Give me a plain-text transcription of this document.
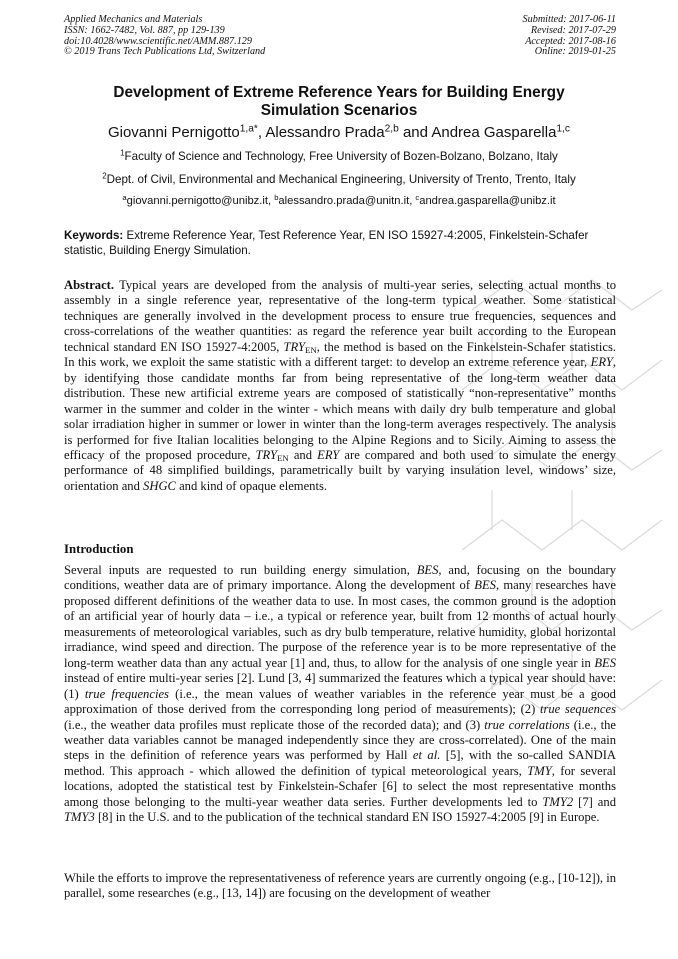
Applied Mechanics and Materials
ISSN: 1662-7482, Vol. 887, pp 129-139
doi:10.4028/www.scientific.net/AMM.887.129
© 2019 Trans Tech Publications Ltd, Switzerland
Submitted: 2017-06-11
Revised: 2017-07-29
Accepted: 2017-08-16
Online: 2019-01-25
Development of Extreme Reference Years for Building Energy
Simulation Scenarios
Giovanni Pernigotto$^{1,a*}$, Alessandro Prada$^{2,b}$ and Andrea Gasparella$^{1,c}$
$^1$Faculty of Science and Technology, Free University of Bozen-Bolzano, Bolzano, Italy
$^2$Dept. of Civil, Environmental and Mechanical Engineering, University of Trento, Trento, Italy
$^a$giovanni.pernigotto@unibz.it, $^b$alessandro.prada@unitn.it, $^c$andrea.gasparella@unibz.it
Keywords: Extreme Reference Year, Test Reference Year, EN ISO 15927-4:2005, Finkelstein-Schafer statistic, Building Energy Simulation.
Abstract. Typical years are developed from the analysis of multi-year series, selecting actual months to assembly in a single reference year, representative of the long-term typical weather. Some statistical techniques are generally involved in the development process to ensure true frequencies, sequences and cross-correlations of the weather quantities: as regard the reference year built according to the European technical standard EN ISO 15927-4:2005, $TRY_{EN}$, the method is based on the Finkelstein-Schafer statistics. In this work, we exploit the same statistic with a different target: to develop an extreme reference year, ERY, by identifying those candidate months far from being representative of the long-term weather data distribution. These new artificial extreme years are composed of statistically “non-representative” months warmer in the summer and colder in the winter - which means with daily dry bulb temperature and global solar irradiation higher in summer or lower in winter than the long-term averages respectively. The analysis is performed for five Italian localities belonging to the Alpine Regions and to Sicily. Aiming to assess the efficacy of the proposed procedure, $TRY_{EN}$ and ERY are compared and both used to simulate the energy performance of 48 simplified buildings, parametrically built by varying insulation level, windows’ size, orientation and SHGC and kind of opaque elements.
Introduction
Several inputs are requested to run building energy simulation, BES, and, focusing on the boundary conditions, weather data are of primary importance. Along the development of BES, many researches have proposed different definitions of the weather data to use. In most cases, the common ground is the adoption of an artificial year of hourly data – i.e., a typical or reference year, built from 12 months of actual hourly measurements of meteorological variables, such as dry bulb temperature, relative humidity, global horizontal irradiance, wind speed and direction. The purpose of the reference year is to be more representative of the long-term weather data than any actual year [1] and, thus, to allow for the analysis of one single year in BES instead of entire multi-year series [2]. Lund [3, 4] summarized the features which a typical year should have: (1) true frequencies (i.e., the mean values of weather variables in the reference year must be a good approximation of those derived from the corresponding long period of measurements); (2) true sequences (i.e., the weather data profiles must replicate those of the recorded data); and (3) true correlations (i.e., the weather data variables cannot be managed independently since they are cross-correlated). One of the main steps in the definition of reference years was performed by Hall et al. [5], with the so-called SANDIA method. This approach - which allowed the definition of typical meteorological years, TMY, for several locations, adopted the statistical test by Finkelstein-Schafer [6] to select the most representative months among those belonging to the multi-year weather data series. Further developments led to TMY2 [7] and TMY3 [8] in the U.S. and to the publication of the technical standard EN ISO 15927-4:2005 [9] in Europe.
While the efforts to improve the representativeness of reference years are currently ongoing (e.g., [10-12]), in parallel, some researches (e.g., [13, 14]) are focusing on the development of weather
